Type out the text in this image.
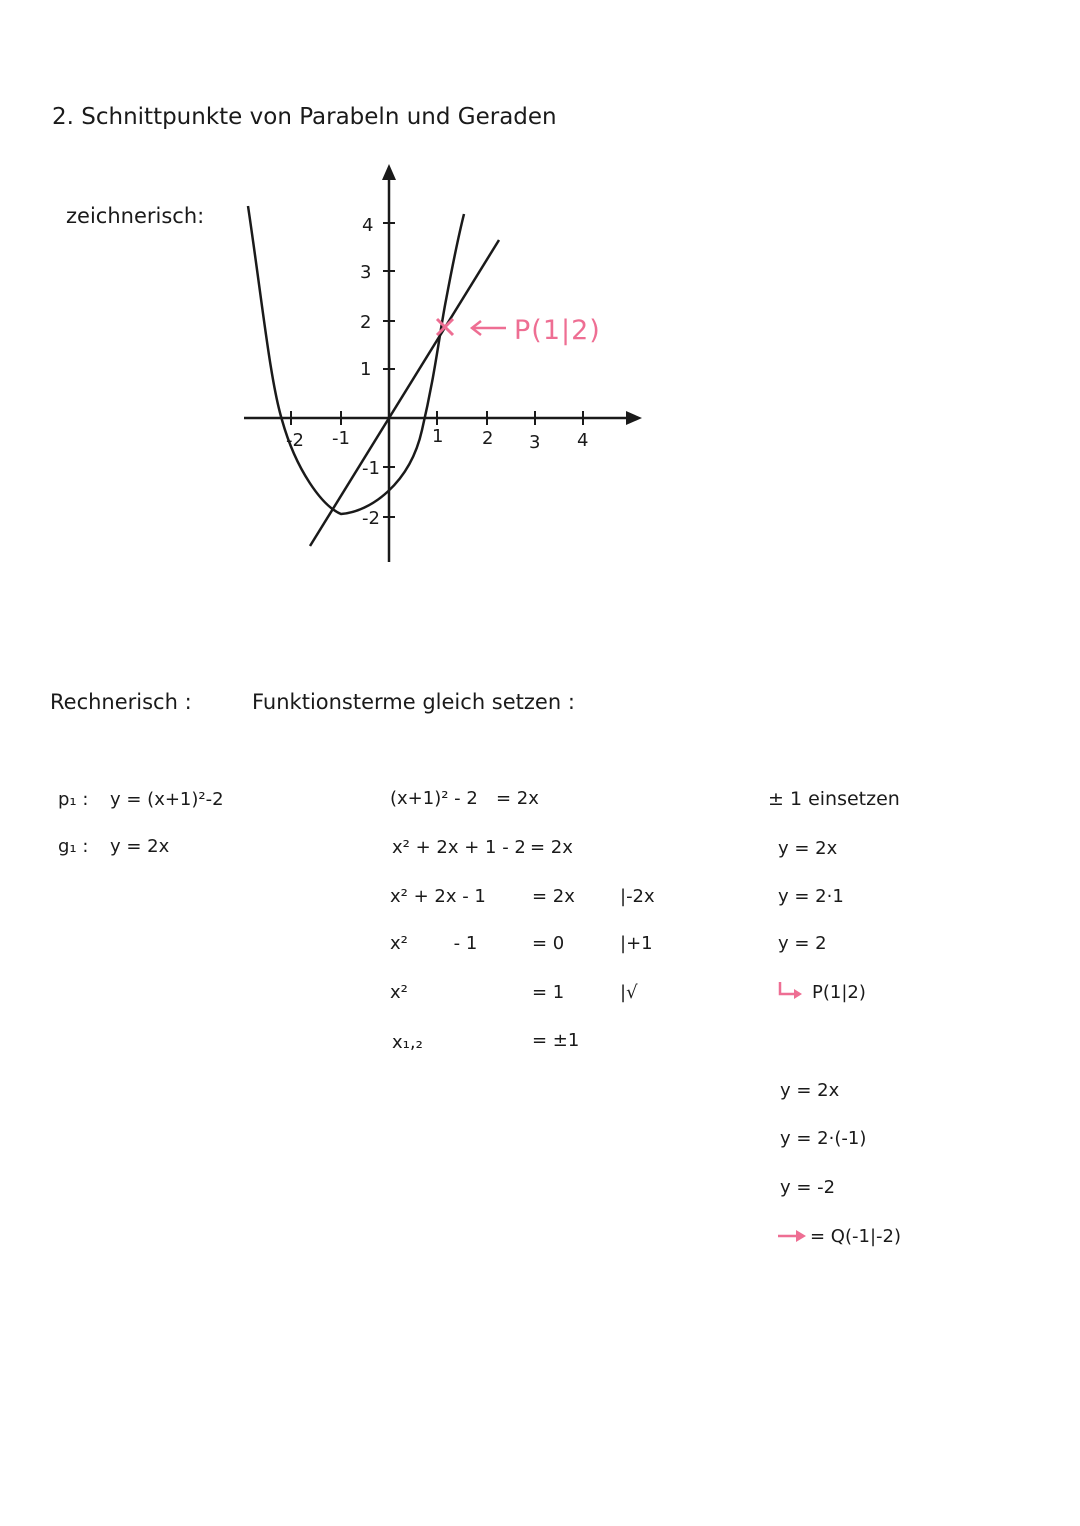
2. Schnittpunkte von Parabeln und Geraden
zeichnerisch:
-2 -1	1 2 3 4
1
2
3
4
-1
-2
P(1|2)
Rechnerisch :	Funktionsterme gleich setzen :
p₁ : y = (x+1)²-2
g₁ : y = 2x
(x+1)² - 2 = 2x
x² + 2x + 1 - 2 = 2x
x² + 2x - 1	= 2x	|-2x
x²        - 1	= 0	|+1
x²	= 1	|√
x₁,₂	= ±1
± 1 einsetzen
y = 2x
y = 2·1
y = 2
P(1|2)
y = 2x
y = 2·(-1)
y = -2
= Q(-1|-2)
